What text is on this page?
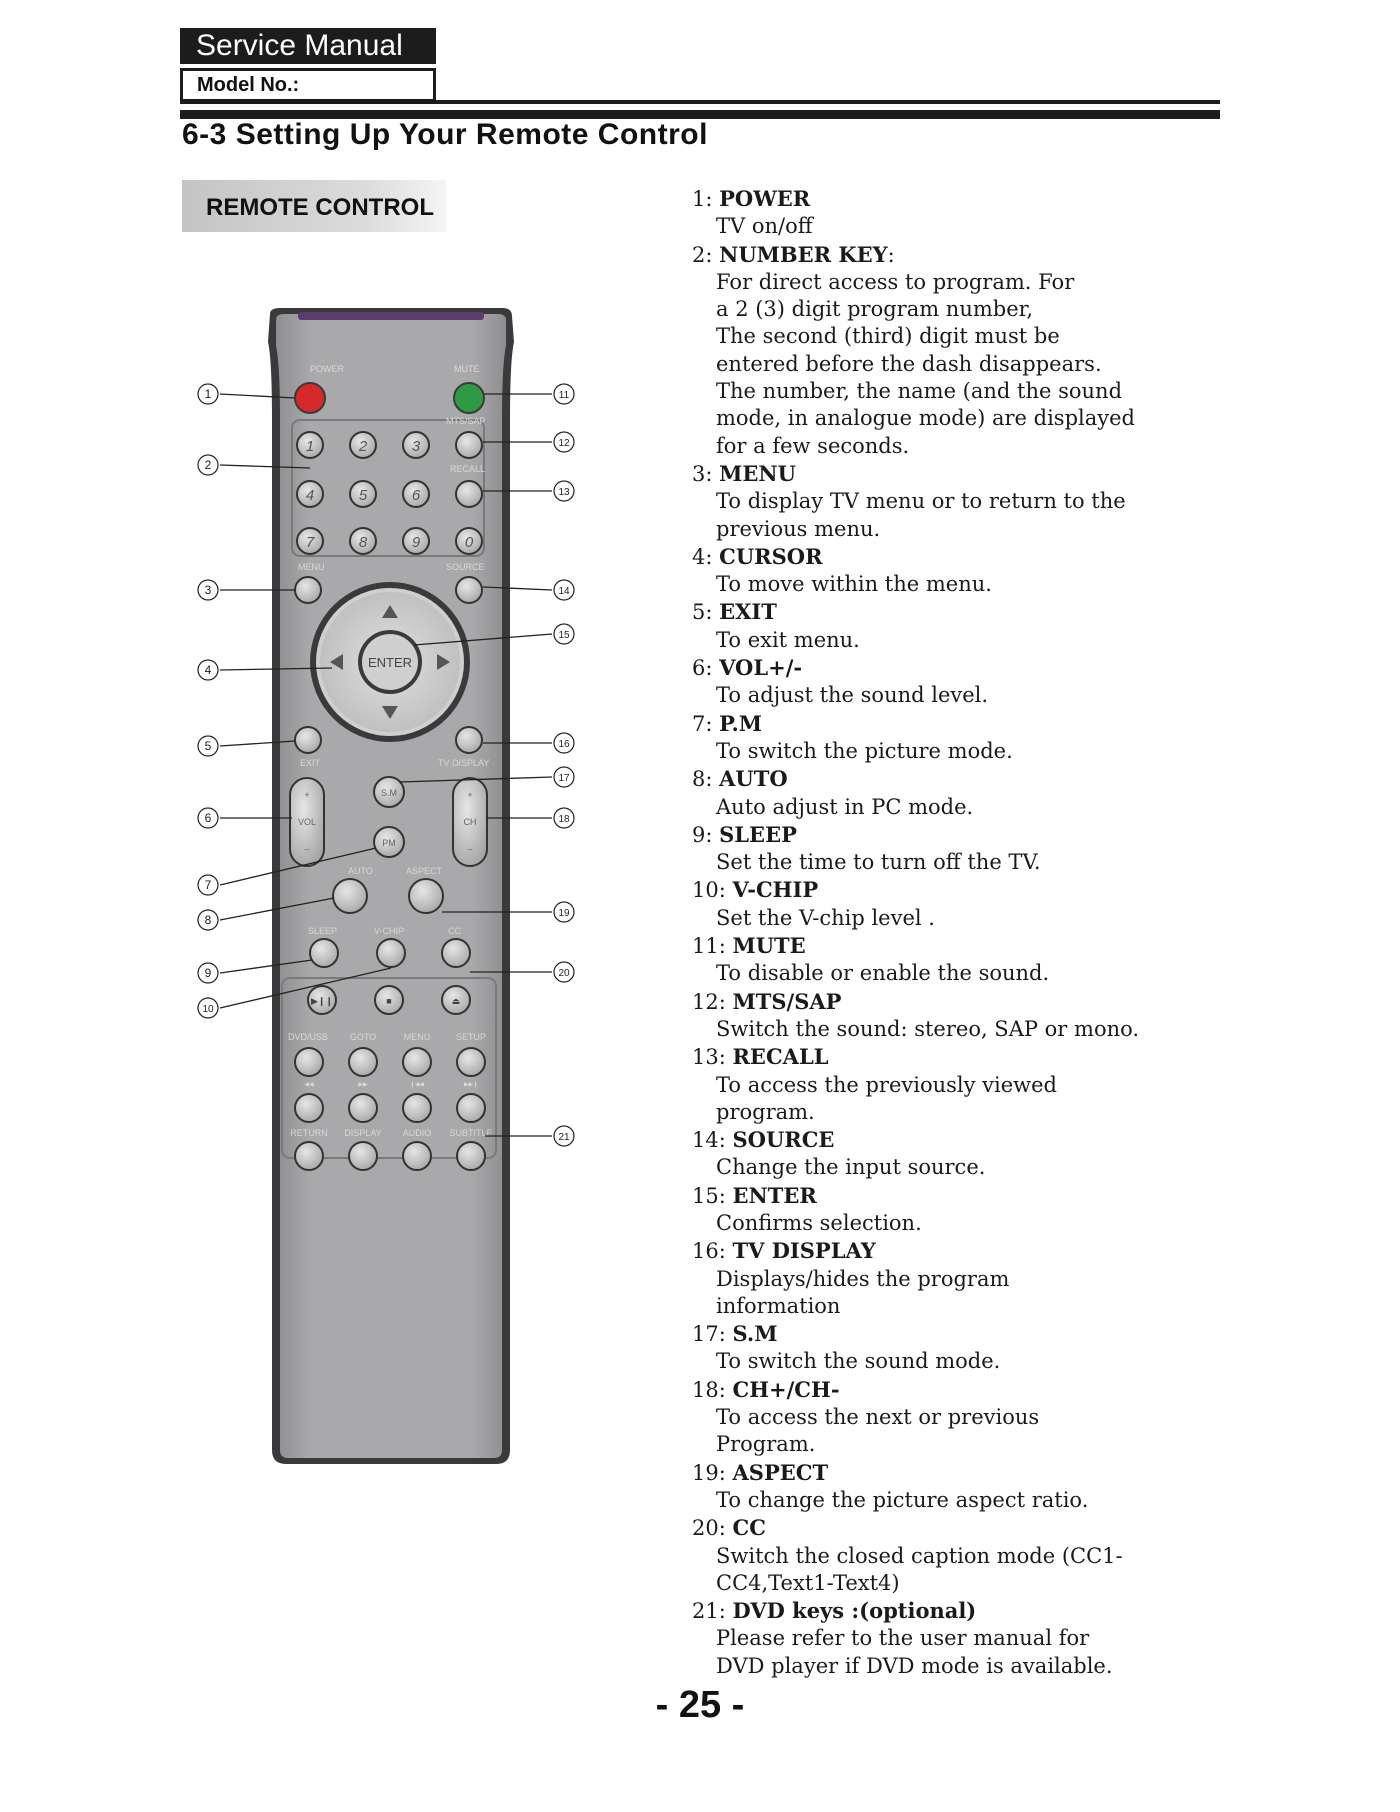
Service Manual
Model No.:
6-3 Setting Up Your Remote Control
REMOTE CONTROL
POWER	MUTE
MTS/SAP
RECALL
1	2	3
4	5	6
7	8	9	0
MENU	SOURCE
ENTER
EXIT	TV DISPLAY
+
VOL
–
+
CH
–
S.M
PM
AUTO	ASPECT
SLEEP	V-CHIP	CC
▶❙❙	■	⏏
DVD/USB GOTO	MENU	SETUP
◀◀	▶▶	❙◀◀	▶▶❙
RETURN DISPLAY AUDIO SUBTITLE
1
2
3
4
5
6
7
8
9
10
11
12
13
14
15
16
17
18
19
20
21
1: POWER
TV on/off
2: NUMBER KEY:
For direct access to program. For
a 2 (3) digit program number,
The second (third) digit must be
entered before the dash disappears.
The number, the name (and the sound
mode, in analogue mode) are displayed
for a few seconds.
3: MENU
To display TV menu or to return to the
previous menu.
4: CURSOR
To move within the menu.
5: EXIT
To exit menu.
6: VOL+/-
To adjust the sound level.
7: P.M
To switch the picture mode.
8: AUTO
Auto adjust in PC mode.
9: SLEEP
Set the time to turn off the TV.
10: V-CHIP
Set the V-chip level .
11: MUTE
To disable or enable the sound.
12: MTS/SAP
Switch the sound: stereo, SAP or mono.
13: RECALL
To access the previously viewed
program.
14: SOURCE
Change the input source.
15: ENTER
Confirms selection.
16: TV DISPLAY
Displays/hides the program
information
17: S.M
To switch the sound mode.
18: CH+/CH-
To access the next or previous
Program.
19: ASPECT
To change the picture aspect ratio.
20: CC
Switch the closed caption mode (CC1-
CC4,Text1-Text4)
21: DVD keys :(optional)
Please refer to the user manual for
DVD player if DVD mode is available.
- 25 -
